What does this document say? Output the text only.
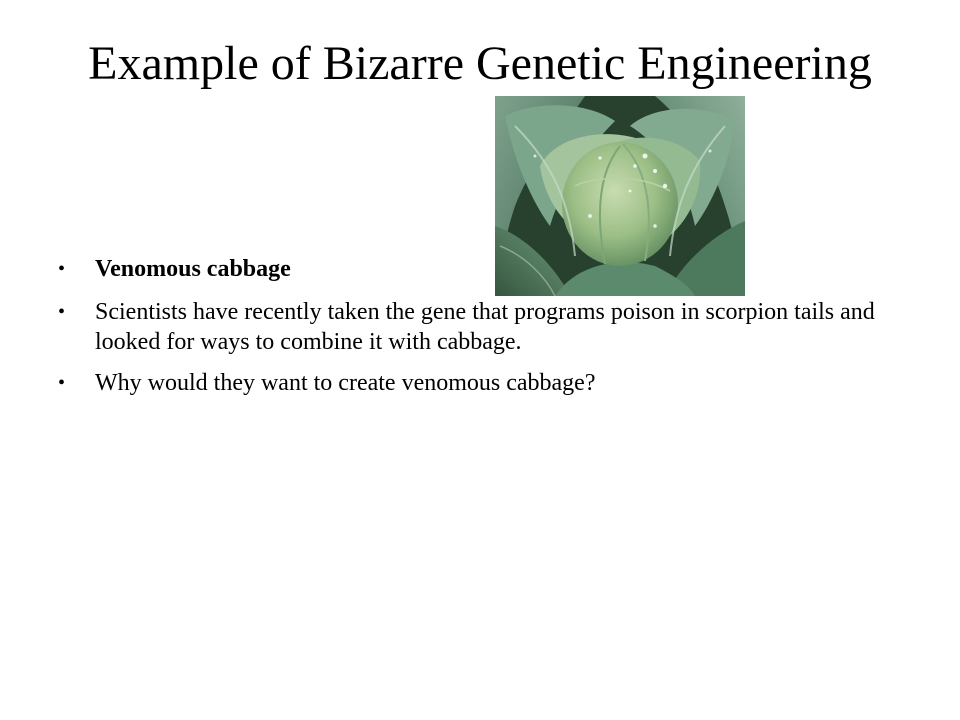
Example of Bizarre Genetic Engineering
• Venomous cabbage
• Scientists have recently taken the gene that programs poison in scorpion tails and looked for ways to combine it with cabbage.
• Why would they want to create venomous cabbage?
